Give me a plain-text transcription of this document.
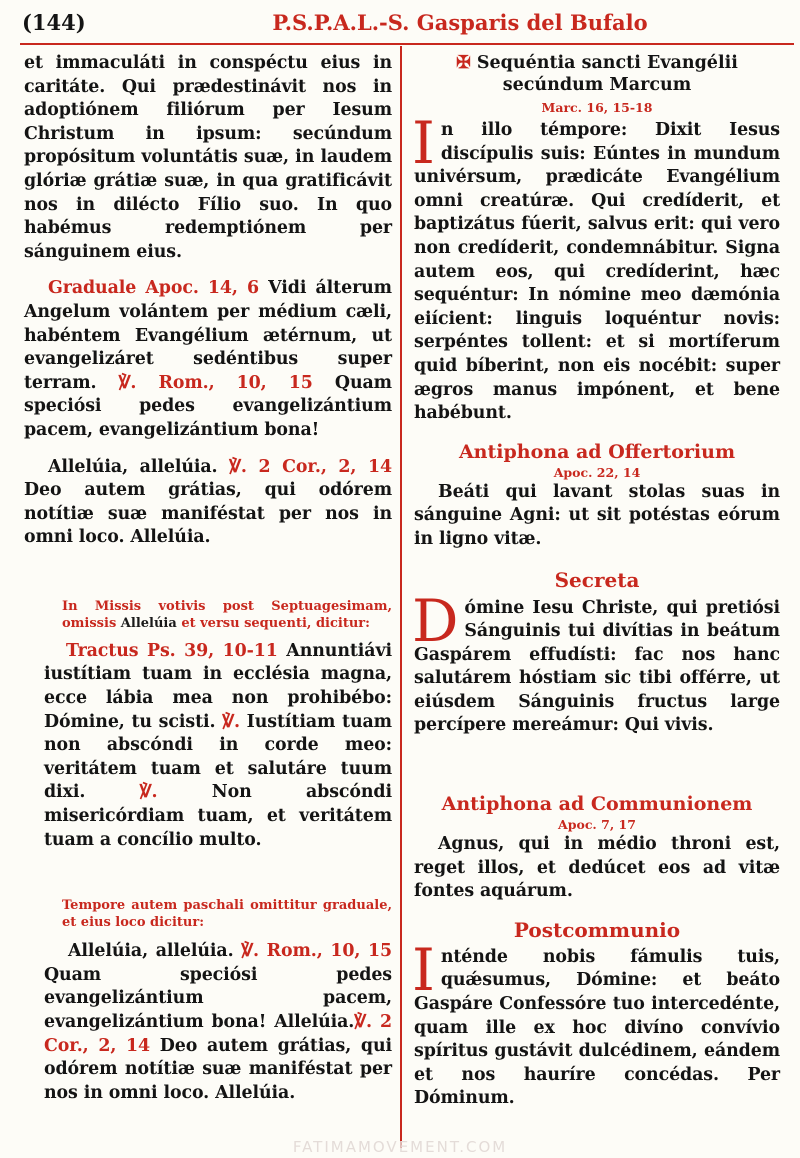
(144)	P.S.P.A.L.-S. Gasparis del Bufalo

et immaculáti in conspéctu eius in caritáte. Qui prædestinávit nos in adoptiónem filiórum per Iesum Christum in ipsum: secúndum propósitum voluntátis suæ, in laudem glóriæ grátiæ suæ, in qua gratificávit nos in dilécto Fílio suo. In quo habémus redemptiónem per sánguinem eius.

Graduale Apoc. 14, 6 Vidi álterum Angelum volántem per médium cæli, habéntem Evangélium ætérnum, ut evangelizáret sedéntibus super terram. ℣. Rom., 10, 15 Quam speciósi pedes evangelizántium pacem, evangelizántium bona!

Allelúia, allelúia. ℣. 2 Cor., 2, 14 Deo autem grátias, qui odórem notítiæ suæ maniféstat per nos in omni loco. Allelúia.

In Missis votivis post Septuagesimam, omissis Allelúia et versu sequenti, dicitur:

Tractus Ps. 39, 10-11 Annuntiávi iustítiam tuam in ecclésia magna, ecce lábia mea non prohibébo: Dómine, tu scisti. ℣. Iustítiam tuam non abscóndi in corde meo: veritátem tuam et salutáre tuum dixi. ℣. Non abscóndi misericórdiam tuam, et veritátem tuam a concílio multo.

Tempore autem paschali omittitur graduale, et eius loco dicitur:

Allelúia, allelúia. ℣. Rom., 10, 15 Quam speciósi pedes evangelizántium pacem, evangelizántium bona! Allelúia.℣. 2 Cor., 2, 14 Deo autem grátias, qui odórem notítiæ suæ maniféstat per nos in omni loco. Allelúia.

✠ Sequéntia sancti Evangélii
secúndum Marcum
Marc. 16, 15-18

In illo témpore: Dixit Iesus discípulis suis: Eúntes in mundum univérsum, prædicáte Evangélium omni creatúræ. Qui credíderit, et baptizátus fúerit, salvus erit: qui vero non credíderit, condemnábitur. Signa autem eos, qui credíderint, hæc sequéntur: In nómine meo dæmónia eiícient: linguis loquéntur novis: serpéntes tollent: et si mortíferum quid bíberint, non eis nocébit: super ægros manus impónent, et bene habébunt.

Antiphona ad Offertorium
Apoc. 22, 14

Beáti qui lavant stolas suas in sánguine Agni: ut sit potéstas eórum in ligno vitæ.

Secreta

Dómine Iesu Christe, qui pretiósi Sánguinis tui divítias in beátum Gaspárem effudísti: fac nos hanc salutárem hóstiam sic tibi offérre, ut eiúsdem Sánguinis fructus large percípere mereámur: Qui vivis.

Antiphona ad Communionem
Apoc. 7, 17

Agnus, qui in médio throni est, reget illos, et dedúcet eos ad vitæ fontes aquárum.

Postcommunio

Inténde nobis fámulis tuis, quǽsumus, Dómine: et beáto Gaspáre Confessóre tuo intercedénte, quam ille ex hoc divíno convívio spíritus gustávit dulcédinem, eándem et nos hauríre concédas. Per Dóminum.

FATIMAMOVEMENT.COM
